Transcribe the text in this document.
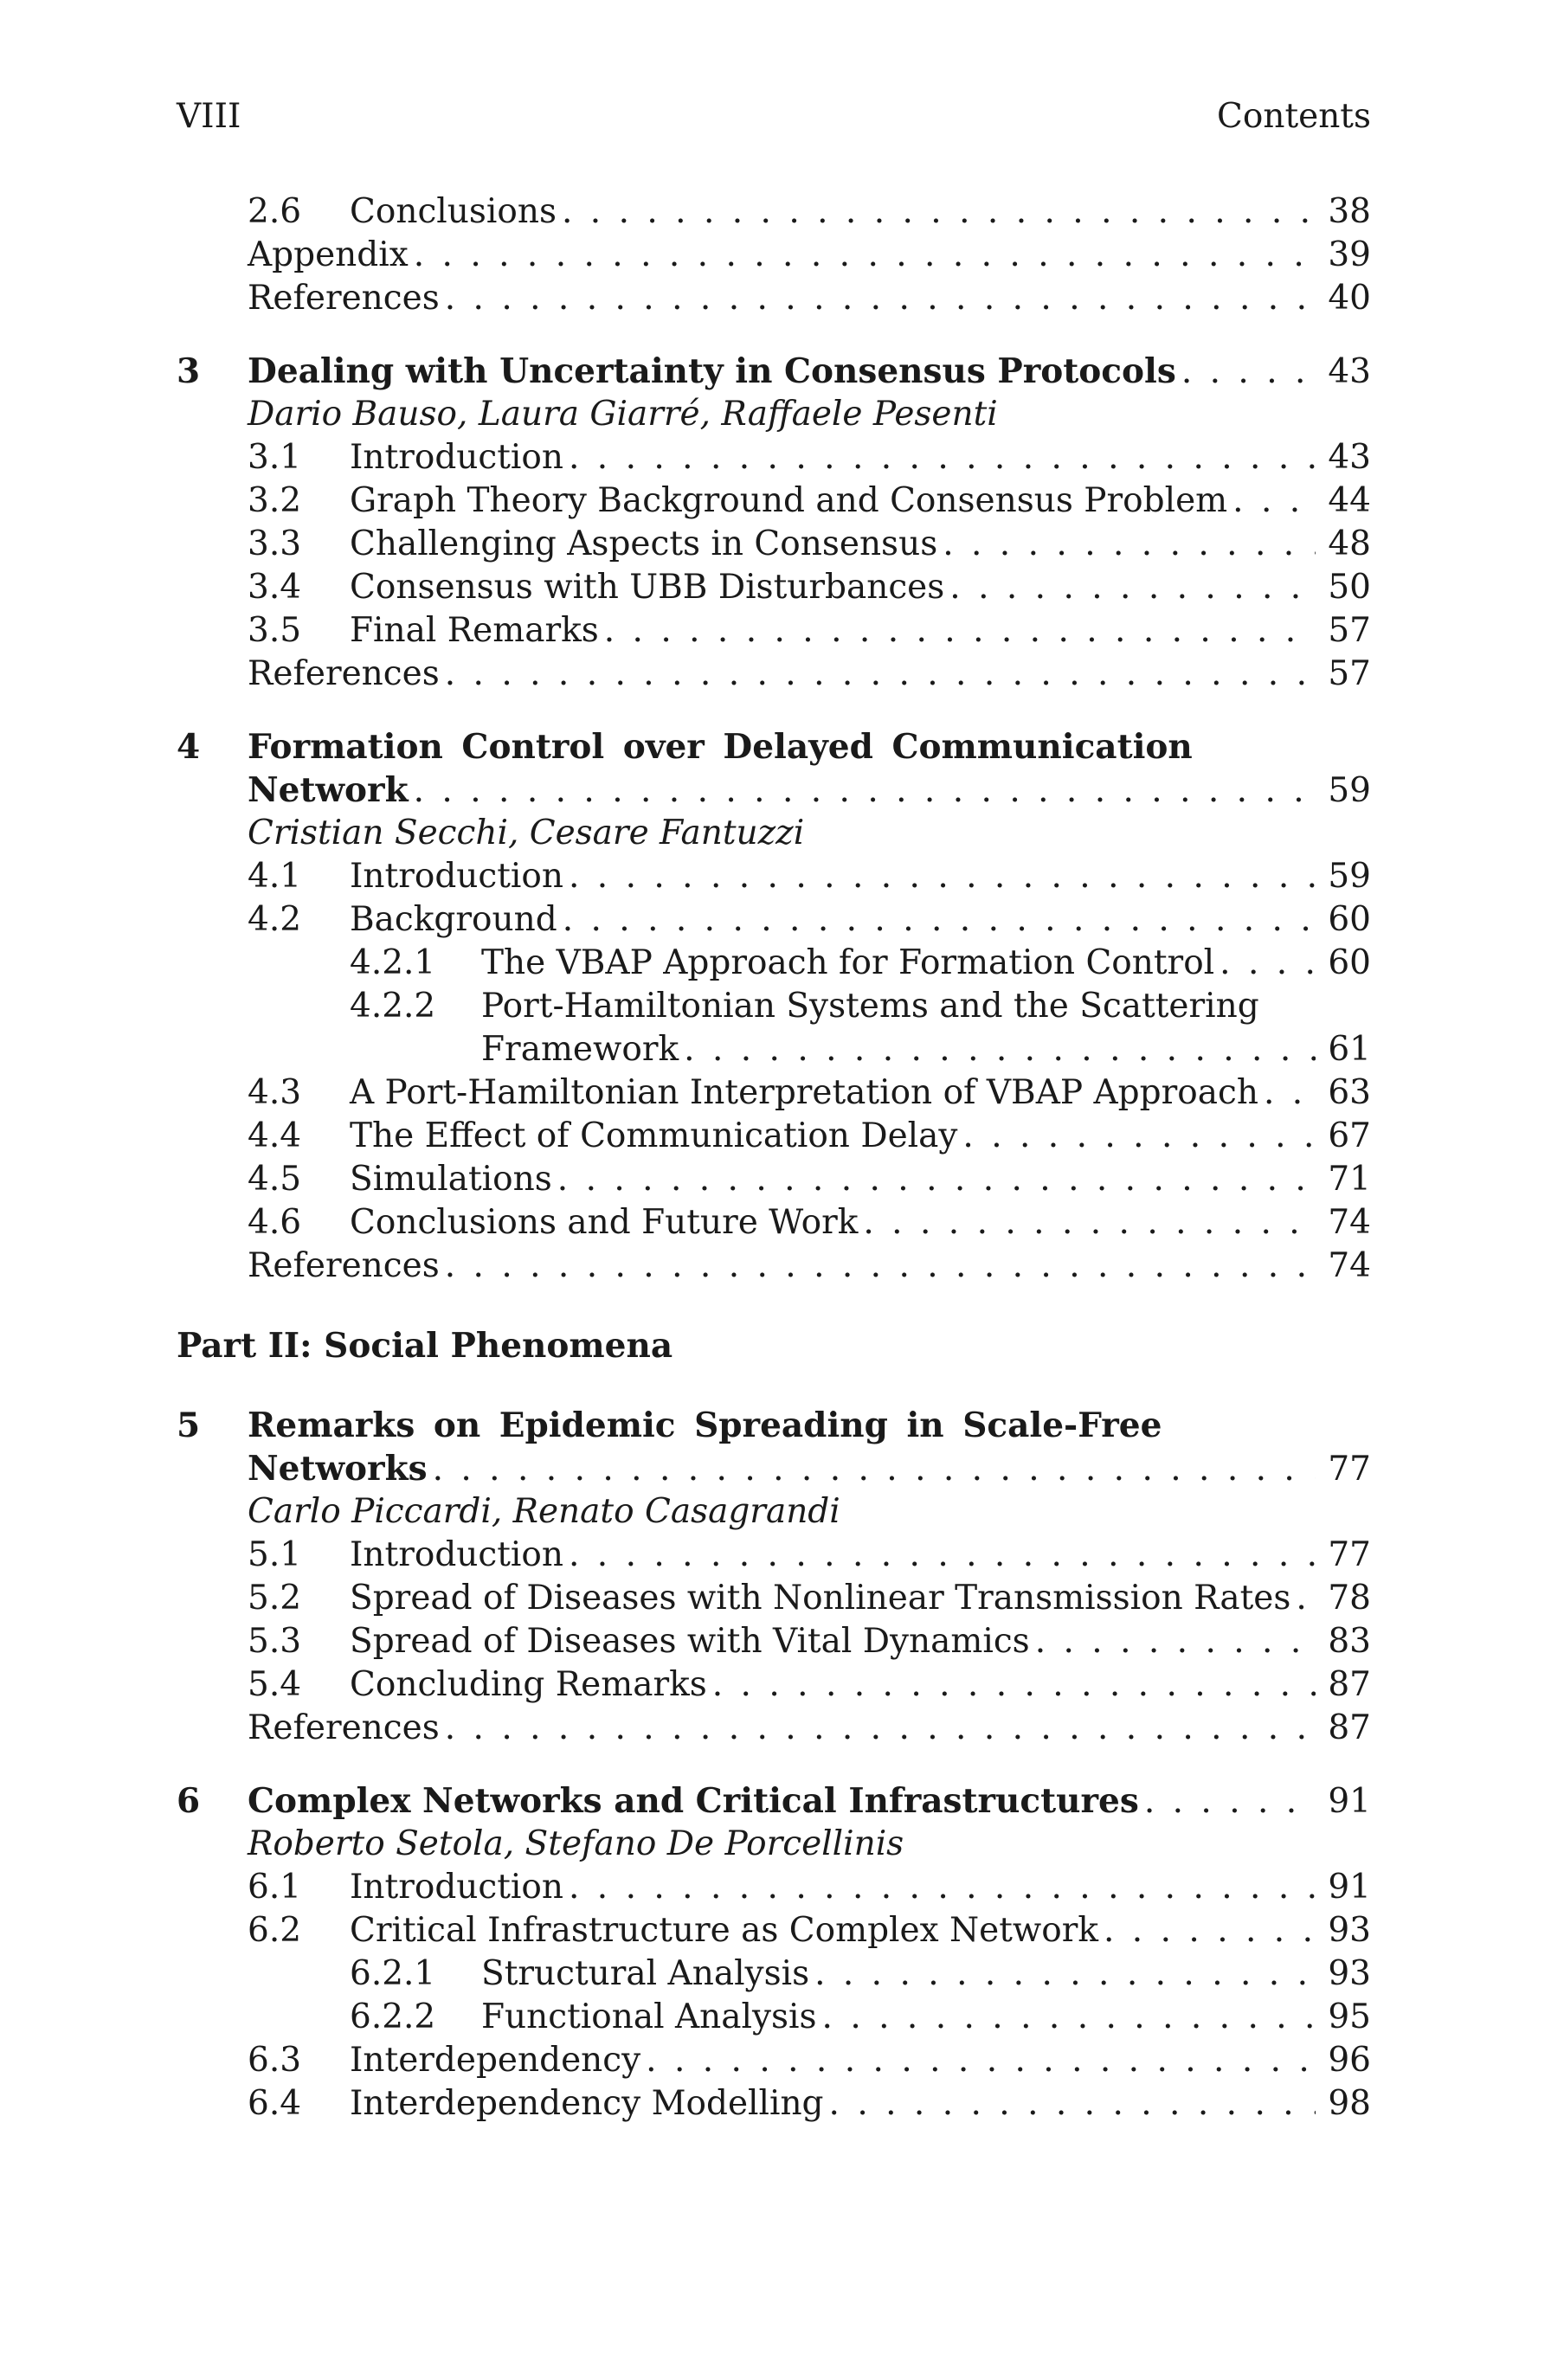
VIII	Contents
2.6 Conclusions . . .	38
Appendix . . .	39
References . . .	40
3 Dealing with Uncertainty in Consensus Protocols . . .	43
Dario Bauso, Laura Giarré, Raffaele Pesenti
3.1 Introduction . . .	43
3.2 Graph Theory Background and Consensus Problem . . .	44
3.3 Challenging Aspects in Consensus . . .	48
3.4 Consensus with UBB Disturbances . . .	50
3.5 Final Remarks . . .	57
References . . .	57
4 Formation Control over Delayed Communication
Network . . .	59
Cristian Secchi, Cesare Fantuzzi
4.1 Introduction . . .	59
4.2 Background . . .	60
4.2.1 The VBAP Approach for Formation Control . . .	60
4.2.2 Port-Hamiltonian Systems and the Scattering
Framework . . .	61
4.3 A Port-Hamiltonian Interpretation of VBAP Approach . . . 63
4.4 The Effect of Communication Delay . . .	67
4.5 Simulations . . .	71
4.6 Conclusions and Future Work . . .	74
References . . .	74
Part II: Social Phenomena
5 Remarks on Epidemic Spreading in Scale-Free
Networks . . .	77
Carlo Piccardi, Renato Casagrandi
5.1 Introduction . . .	77
5.2 Spread of Diseases with Nonlinear Transmission Rates . . . 78
5.3 Spread of Diseases with Vital Dynamics . . .	83
5.4 Concluding Remarks . . .	87
References . . .	87
6 Complex Networks and Critical Infrastructures . . .	91
Roberto Setola, Stefano De Porcellinis
6.1 Introduction . . .	91
6.2 Critical Infrastructure as Complex Network . . .	93
6.2.1 Structural Analysis . . .	93
6.2.2 Functional Analysis . . .	95
6.3 Interdependency . . .	96
6.4 Interdependency Modelling . . .	98
